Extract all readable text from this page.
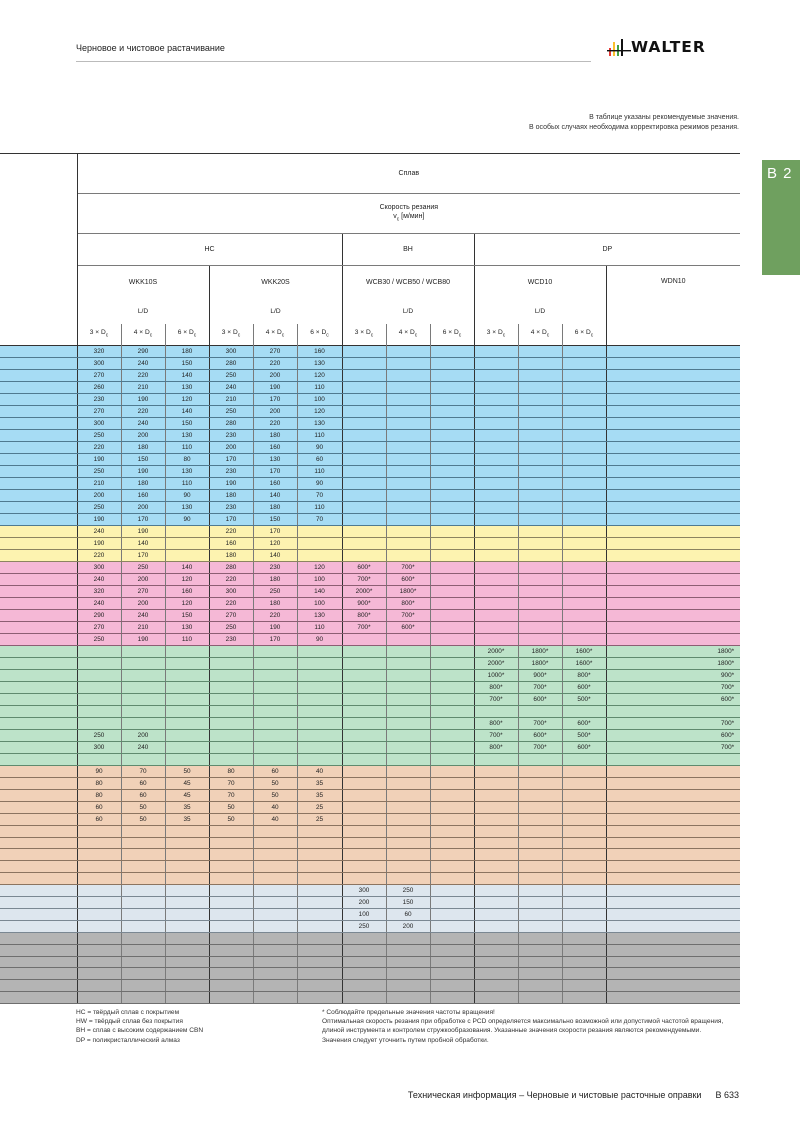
Черновое и чистовое растачивание	WALTER
В таблице указаны рекомендуемые значения.
В особых случаях необходима корректировка режимов резания.
B 2
	Сплав												

	Скорость резания
$v_c$ [м/мин]												

	HC						BH			DP			
	WKK10S			WKK20S			WCB30 / WCB50 / WCB80			WCD10			WDN10
	L/D			L/D			L/D			L/D			
	$3 \times D_c$	$4 \times D_c$	$6 \times D_c$	$3 \times D_c$	$4 \times D_c$	$6 \times D_c$	$3 \times D_c$	$4 \times D_c$	$6 \times D_c$	$3 \times D_c$	$4 \times D_c$	$6 \times D_c$
	320	290	180	300	270	160							
	300	240	150	280	220	130							
	270	220	140	250	200	120							
	260	210	130	240	190	110							
	230	190	120	210	170	100							
	270	220	140	250	200	120							
	300	240	150	280	220	130							
	250	200	130	230	180	110							
	220	180	110	200	160	90							
	190	150	80	170	130	60							
	250	190	130	230	170	110							
	210	180	110	190	160	90							
	200	160	90	180	140	70							
	250	200	130	230	180	110							
	190	170	90	170	150	70							
	240	190		220	170								
	190	140		160	120								
	220	170		180	140								
	300	250	140	280	230	120	600*	700*					
	240	200	120	220	180	100	700*	600*					
	320	270	160	300	250	140	2000*	1800*					
	240	200	120	220	180	100	900*	800*					
	290	240	150	270	220	130	800*	700*					
	270	210	130	250	190	110	700*	600*					
	250	190	110	230	170	90							
										2000*	1800*	1600*	1800*
										2000*	1800*	1600*	1800*
										1000*	900*	800*	900*
										800*	700*	600*	700*
										700*	600*	500*	600*

										800*	700*	600*	700*
	250	200								700*	600*	500*	600*
	300	240								800*	700*	600*	700*

	90	70	50	80	60	40							
	80	60	45	70	50	35							
	80	60	45	70	50	35							
	60	50	35	50	40	25							
	60	50	35	50	40	25							

							300	250					
							200	150					
							100	60					
							250	200					

HC = твёрдый сплав с покрытием
HW = твёрдый сплав без покрытия
BH = сплав с высоким содержанием CBN
DP = поликристаллический алмаз
* Соблюдайте предельные значения частоты вращения!
Оптимальная скорость резания при обработке с PCD определяется максимально возможной или допустимой частотой вращения, длиной инструмента и контролем стружкообразования. Указанные значения скорости резания являются рекомендуемыми.
Значения следует уточнить путем пробной обработки.
Техническая информация – Черновые и чистовые расточные оправки B 633
